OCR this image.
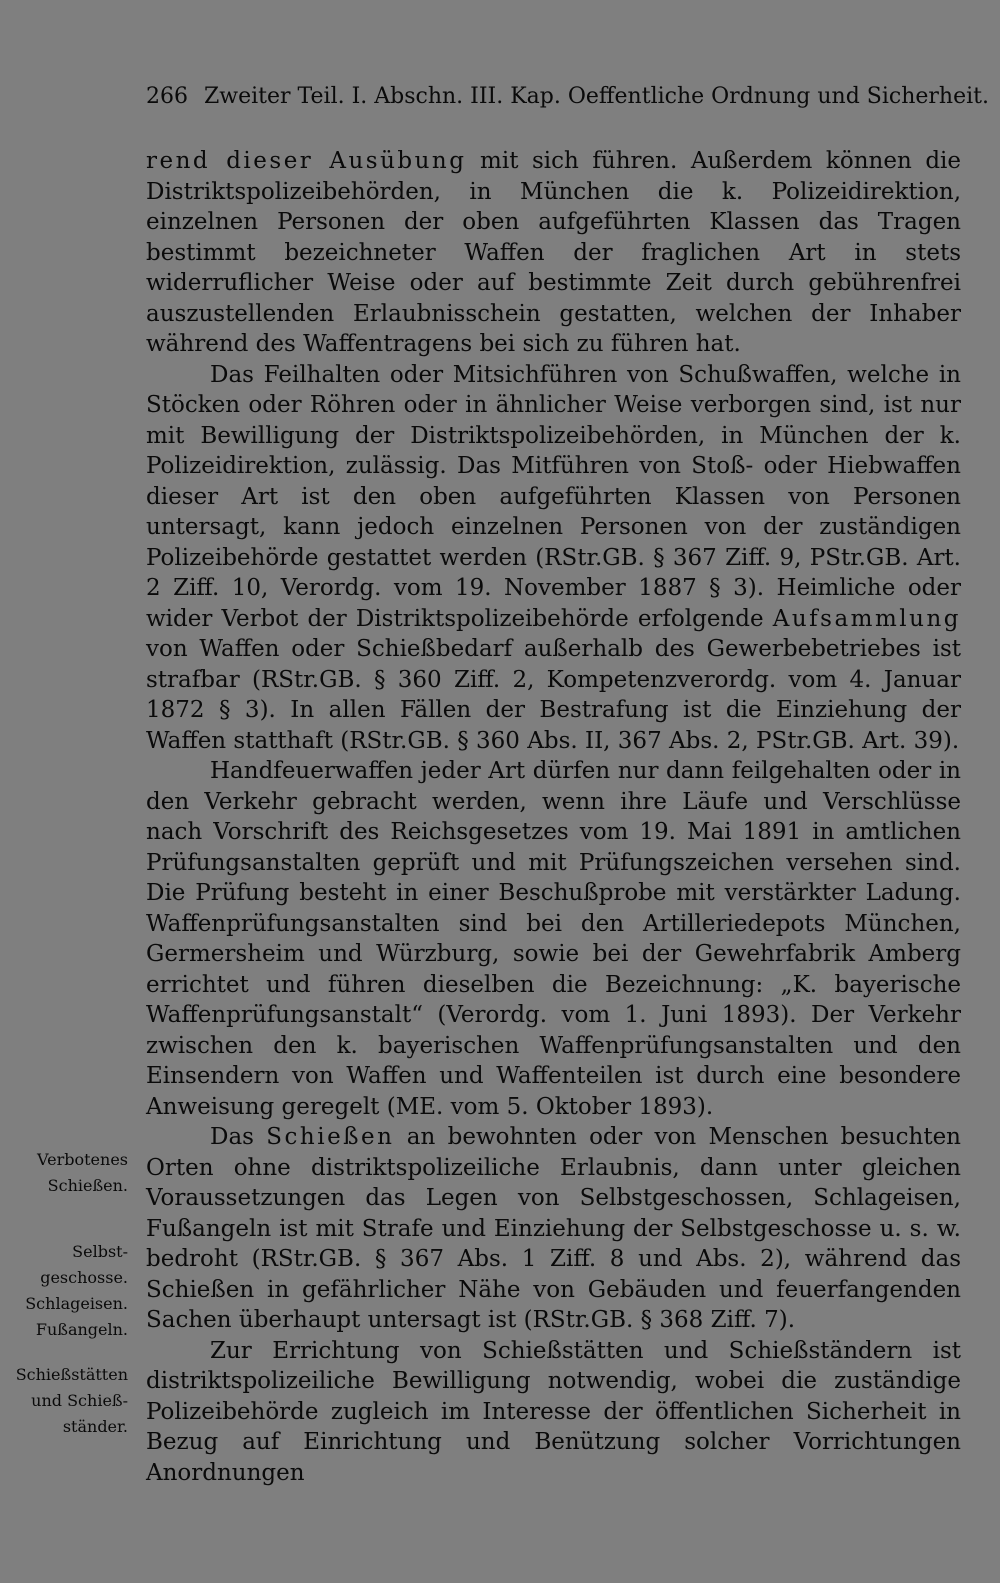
266 Zweiter Teil. I. Abschn. III. Kap. Oeffentliche Ordnung und Sicherheit.

rend dieser Ausübung mit sich führen. Außerdem können die Distriktspolizeibehörden, in München die k. Polizeidirektion, einzelnen Personen der oben aufgeführten Klassen das Tragen bestimmt bezeichneter Waffen der fraglichen Art in stets widerruflicher Weise oder auf bestimmte Zeit durch gebührenfrei auszustellenden Erlaubnisschein gestatten, welchen der Inhaber während des Waffentragens bei sich zu führen hat.

Das Feilhalten oder Mitsichführen von Schußwaffen, welche in Stöcken oder Röhren oder in ähnlicher Weise verborgen sind, ist nur mit Bewilligung der Distriktspolizeibehörden, in München der k. Polizeidirektion, zulässig. Das Mitführen von Stoß- oder Hiebwaffen dieser Art ist den oben aufgeführten Klassen von Personen untersagt, kann jedoch einzelnen Personen von der zuständigen Polizeibehörde gestattet werden (RStr.GB. § 367 Ziff. 9, PStr.GB. Art. 2 Ziff. 10, Verordg. vom 19. November 1887 § 3). Heimliche oder wider Verbot der Distriktspolizeibehörde erfolgende Aufsammlung von Waffen oder Schießbedarf außerhalb des Gewerbebetriebes ist strafbar (RStr.GB. § 360 Ziff. 2, Kompetenzverordg. vom 4. Januar 1872 § 3). In allen Fällen der Bestrafung ist die Einziehung der Waffen statthaft (RStr.GB. § 360 Abs. II, 367 Abs. 2, PStr.GB. Art. 39).

Handfeuerwaffen jeder Art dürfen nur dann feilgehalten oder in den Verkehr gebracht werden, wenn ihre Läufe und Verschlüsse nach Vorschrift des Reichsgesetzes vom 19. Mai 1891 in amtlichen Prüfungsanstalten geprüft und mit Prüfungszeichen versehen sind. Die Prüfung besteht in einer Beschußprobe mit verstärkter Ladung. Waffenprüfungsanstalten sind bei den Artilleriedepots München, Germersheim und Würzburg, sowie bei der Gewehrfabrik Amberg errichtet und führen dieselben die Bezeichnung: „K. bayerische Waffenprüfungsanstalt“ (Verordg. vom 1. Juni 1893). Der Verkehr zwischen den k. bayerischen Waffenprüfungsanstalten und den Einsendern von Waffen und Waffenteilen ist durch eine besondere Anweisung geregelt (ME. vom 5. Oktober 1893).

Das Schießen an bewohnten oder von Menschen besuchten Orten ohne distriktspolizeiliche Erlaubnis, dann unter gleichen Voraussetzungen das Legen von Selbstgeschossen, Schlageisen, Fußangeln ist mit Strafe und Einziehung der Selbstgeschosse u. s. w. bedroht (RStr.GB. § 367 Abs. 1 Ziff. 8 und Abs. 2), während das Schießen in gefährlicher Nähe von Gebäuden und feuerfangenden Sachen überhaupt untersagt ist (RStr.GB. § 368 Ziff. 7).

Zur Errichtung von Schießstätten und Schießständern ist distriktspolizeiliche Bewilligung notwendig, wobei die zuständige Polizeibehörde zugleich im Interesse der öffentlichen Sicherheit in Bezug auf Einrichtung und Benützung solcher Vorrichtungen Anordnungen

Verbotenes
Schießen.
Selbst-
geschosse.
Schlageisen.
Fußangeln.
Schießstätten
und Schieß-
ständer.
